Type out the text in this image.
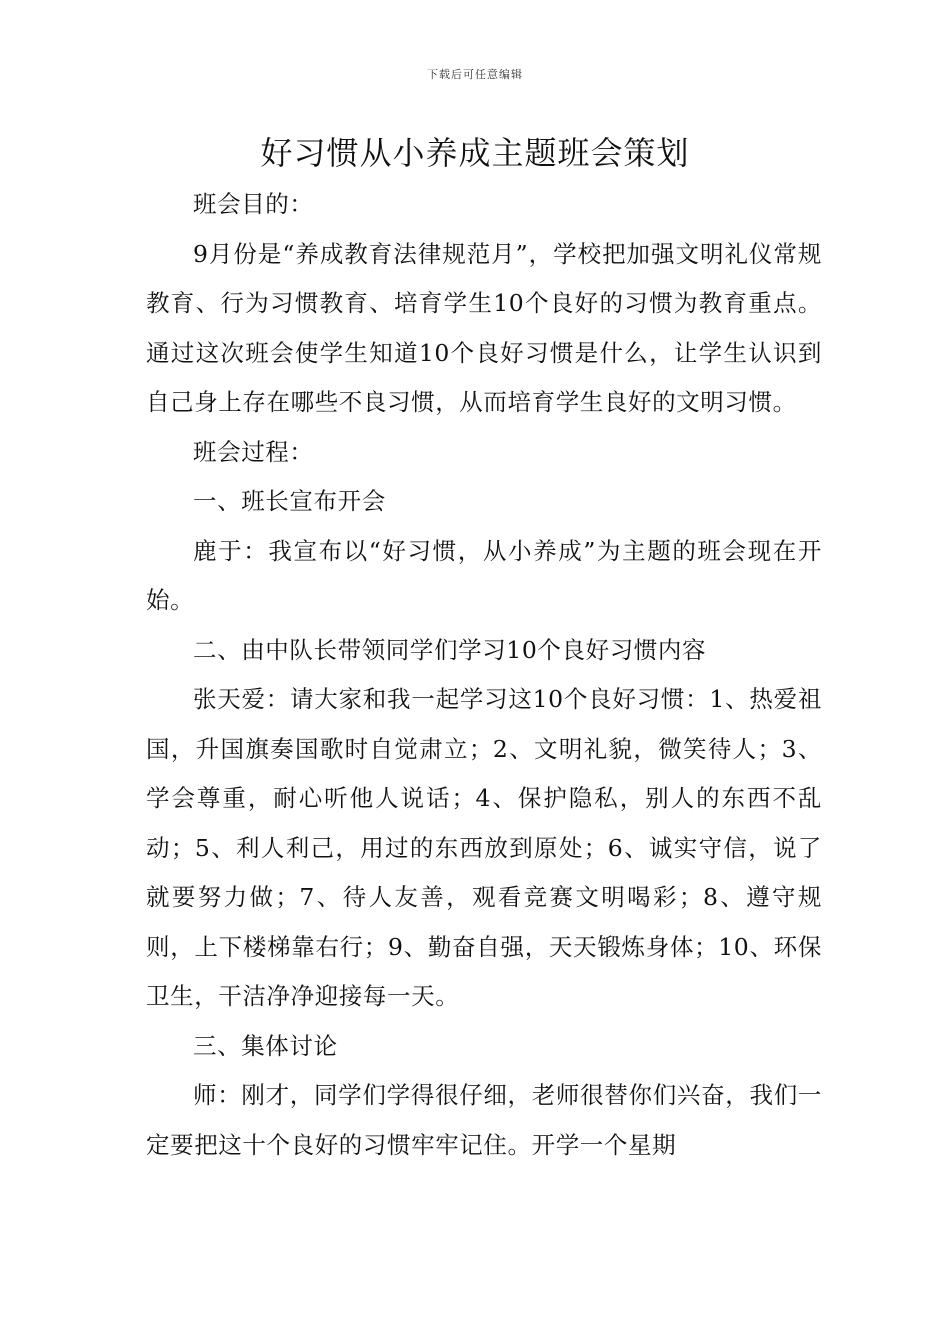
下载后可任意编辑
好习惯从小养成主题班会策划

班会目的：

9月份是“养成教育法律规范月”，学校把加强文明礼仪常规教育、行为习惯教育、培育学生10个良好的习惯为教育重点。通过这次班会使学生知道10个良好习惯是什么，让学生认识到自己身上存在哪些不良习惯，从而培育学生良好的文明习惯。

班会过程：

一、班长宣布开会

鹿于：我宣布以“好习惯，从小养成”为主题的班会现在开始。

二、由中队长带领同学们学习10个良好习惯内容

张天爱：请大家和我一起学习这10个良好习惯：1、热爱祖国，升国旗奏国歌时自觉肃立；2、文明礼貌，微笑待人；3、学会尊重，耐心听他人说话；4、保护隐私，别人的东西不乱动；5、利人利己，用过的东西放到原处；6、诚实守信，说了就要努力做；7、待人友善，观看竞赛文明喝彩；8、遵守规则，上下楼梯靠右行；9、勤奋自强，天天锻炼身体；10、环保卫生，干洁净净迎接每一天。

三、集体讨论

师：刚才，同学们学得很仔细，老师很替你们兴奋，我们一定要把这十个良好的习惯牢牢记住。开学一个星期
